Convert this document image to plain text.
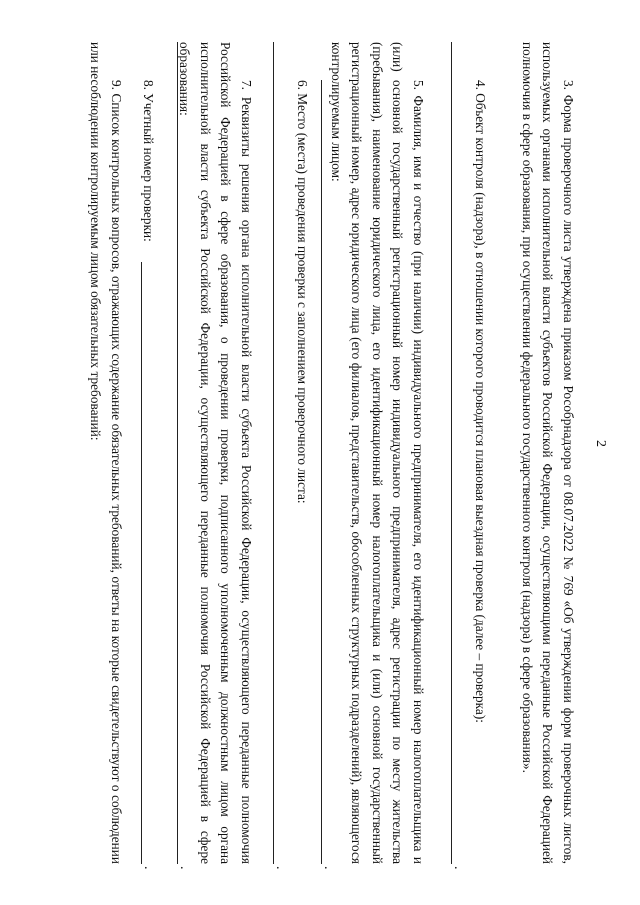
2

3. Форма проверочного листа утверждена приказом Рособрнадзора от 08.07.2022 № 769 «Об утверждении форм проверочных листов, используемых органами исполнительной власти субъектов Российской Федерации, осуществляющими переданные Российской Федерацией полномочия в сфере образования, при осуществлении федерального государственного контроля (надзора) в сфере образования».

4. Объект контроля (надзора), в отношении которого проводится плановая выездная проверка (далее – проверка):

.

5. Фамилия, имя и отчество (при наличии) индивидуального предпринимателя, его идентификационный номер налогоплательщика и (или) основной государственный регистрационный номер индивидуального предпринимателя, адрес регистрации по месту жительства (пребывания), наименование юридического лица, его идентификационный номер налогоплательщика и (или) основной государственный регистрационный номер, адрес юридического лица (его филиалов, представительств, обособленных структурных подразделений), являющегося контролируемым лицом:

.

6. Место (места) проведения проверки с заполнением проверочного листа:

.

7. Реквизиты решения органа исполнительной власти субъекта Российской Федерации, осуществляющего переданные полномочия Российской Федерацией в сфере образования, о проведении проверки, подписанного уполномоченным должностным лицом органа исполнительной власти субъекта Российской Федерации, осуществляющего переданные полномочия Российской Федерацией в сфере образования:

.

8. Учетный номер проверки:

.

9. Список контрольных вопросов, отражающих содержание обязательных требований, ответы на которые свидетельствуют о соблюдении или несоблюдении контролируемым лицом обязательных требований:
